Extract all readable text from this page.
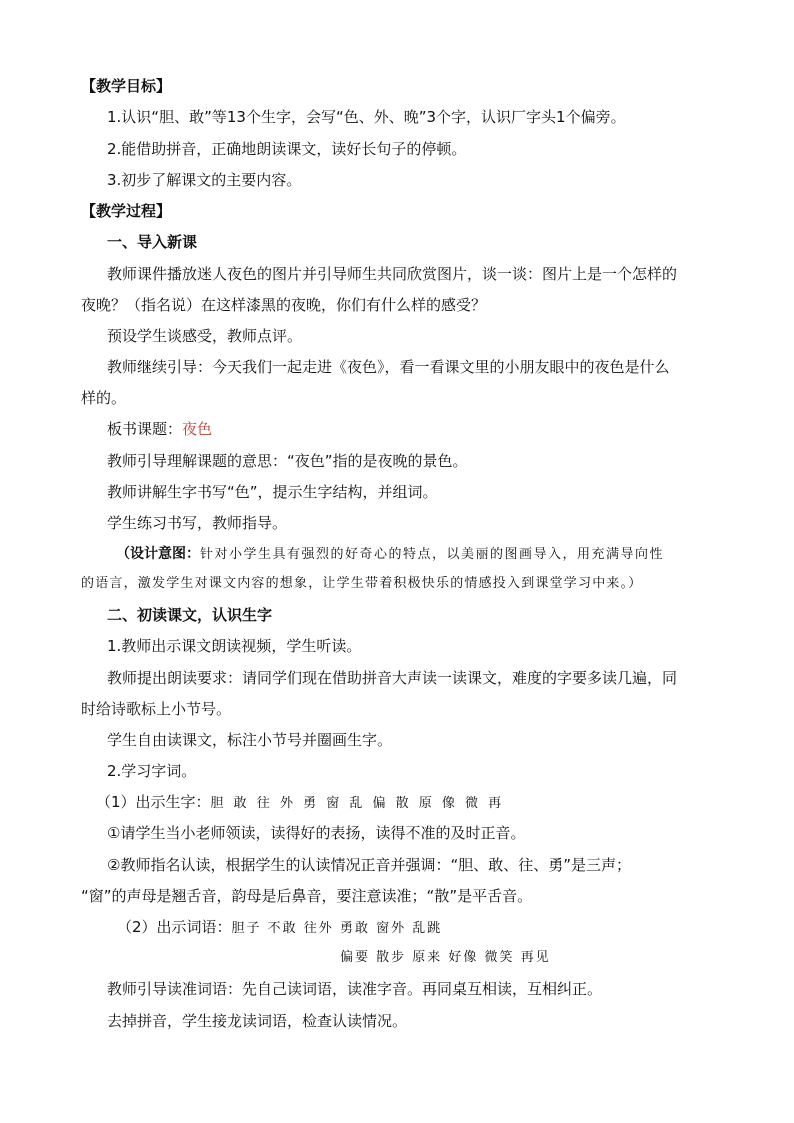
【教学目标】
1.认识“胆、敢”等13个生字，会写“色、外、晚”3个字，认识厂字头1个偏旁。
2.能借助拼音，正确地朗读课文，读好长句子的停顿。
3.初步了解课文的主要内容。
【教学过程】
一、导入新课
教师课件播放迷人夜色的图片并引导师生共同欣赏图片，谈一谈：图片上是一个怎样的
夜晚？（指名说）在这样漆黑的夜晚，你们有什么样的感受？
预设学生谈感受，教师点评。
教师继续引导：今天我们一起走进《夜色》，看一看课文里的小朋友眼中的夜色是什么
样的。
板书课题：夜色
教师引导理解课题的意思：“夜色”指的是夜晚的景色。
教师讲解生字书写“色”，提示生字结构，并组词。
学生练习书写，教师指导。
（设计意图：针对小学生具有强烈的好奇心的特点，以美丽的图画导入，用充满导向性
的语言，激发学生对课文内容的想象，让学生带着积极快乐的情感投入到课堂学习中来。）
二、初读课文，认识生字
1.教师出示课文朗读视频，学生听读。
教师提出朗读要求：请同学们现在借助拼音大声读一读课文，难度的字要多读几遍，同
时给诗歌标上小节号。
学生自由读课文，标注小节号并圈画生字。
2.学习字词。
（1）出示生字：胆 敢 往 外 勇 窗 乱 偏 散 原 像 微 再
①请学生当小老师领读，读得好的表扬，读得不准的及时正音。
②教师指名认读，根据学生的认读情况正音并强调：“胆、敢、往、勇”是三声；
“窗”的声母是翘舌音，韵母是后鼻音，要注意读准；“散”是平舌音。
（2）出示词语：胆子 不敢 往外 勇敢 窗外 乱跳
偏要 散步 原来 好像 微笑 再见
教师引导读准词语：先自己读词语，读准字音。再同桌互相读，互相纠正。
去掉拼音，学生接龙读词语，检查认读情况。
